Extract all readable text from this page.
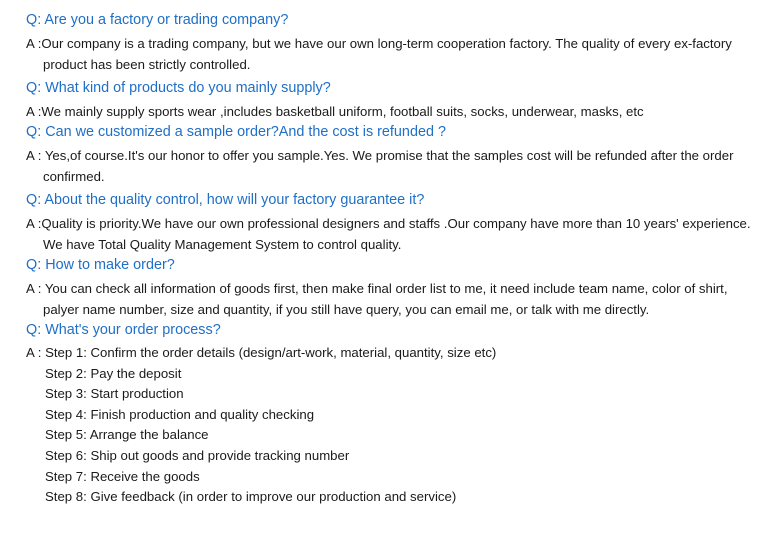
Q: Are you a factory or trading company?
A :Our company is a trading company, but we have our own long-term cooperation factory. The quality of every ex-factory
product has been strictly controlled.
Q: What kind of products do you mainly supply?
A :We mainly supply sports wear ,includes basketball uniform, football suits, socks, underwear, masks, etc
Q: Can we customized a sample order?And the cost is refunded ?
A : Yes,of course.It's our honor to offer you sample.Yes. We promise that the samples cost will be refunded after the order
confirmed.
Q: About the quality control, how will your factory guarantee it?
A :Quality is priority.We have our own professional designers and staffs .Our company have more than 10 years' experience.
We have Total Quality Management System to control quality.
Q: How to make order?
A : You can check all information of goods first, then make final order list to me, it need include team name, color of shirt,
palyer name number, size and quantity, if you still have query, you can email me, or talk with me directly.
Q: What's your order process?
A : Step 1: Confirm the order details (design/art-work, material, quantity, size etc)
Step 2: Pay the deposit
Step 3: Start production
Step 4: Finish production and quality checking
Step 5: Arrange the balance
Step 6: Ship out goods and provide tracking number
Step 7: Receive the goods
Step 8: Give feedback (in order to improve our production and service)
